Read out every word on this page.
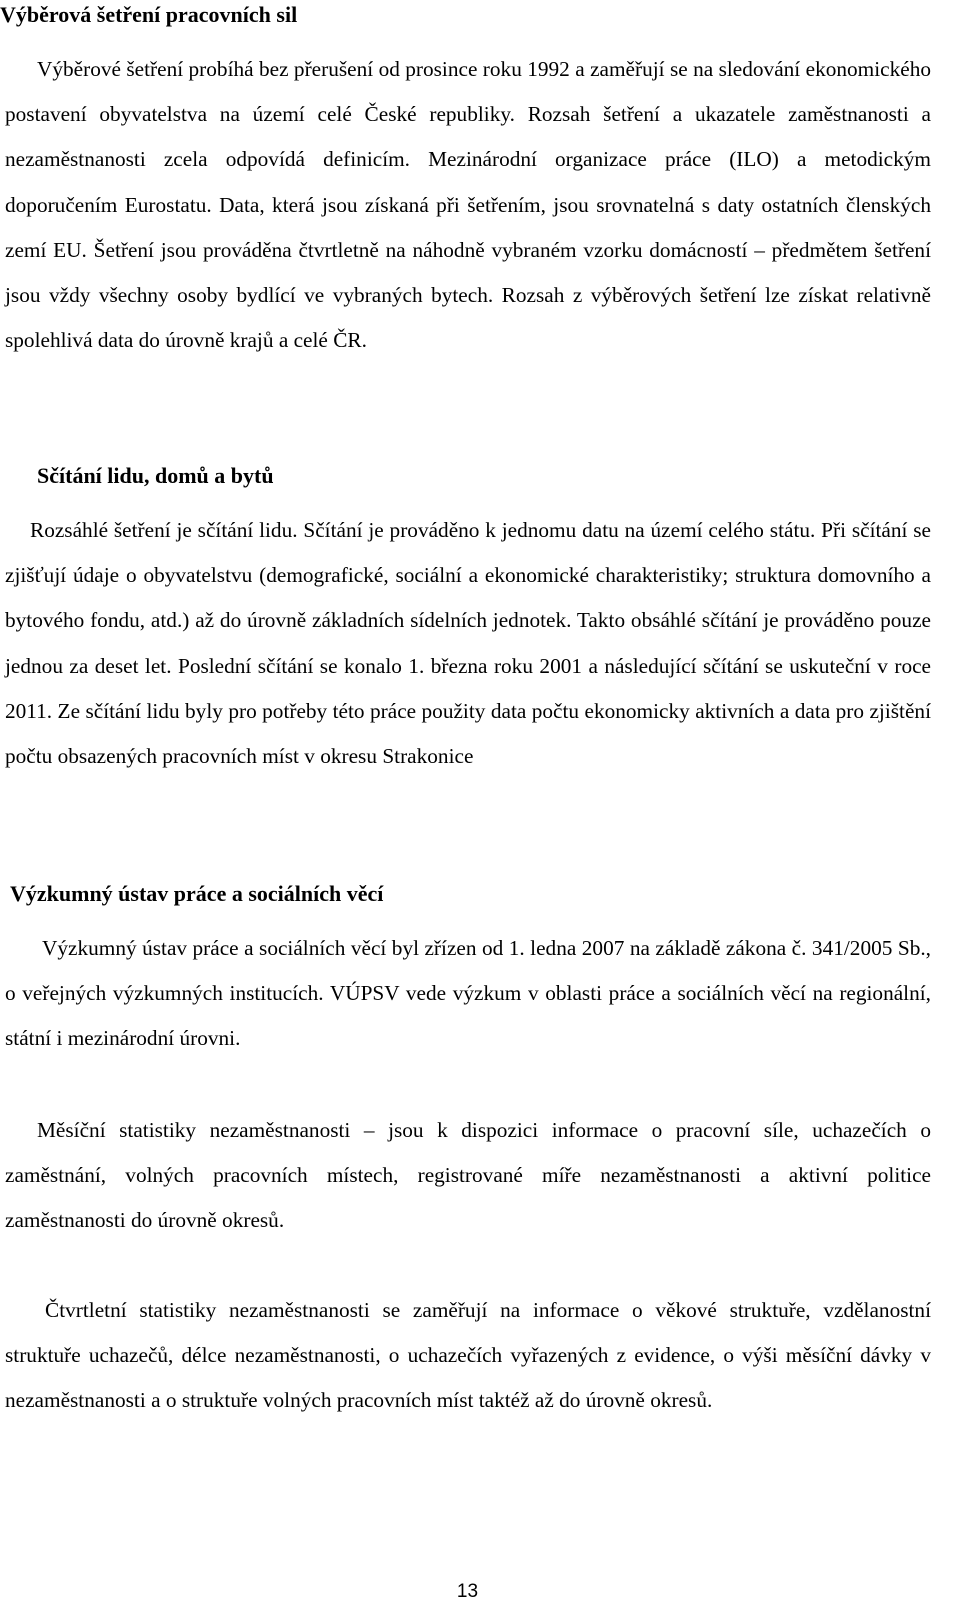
Výběrová šetření pracovních sil

Výběrové šetření probíhá bez přerušení od prosince roku 1992 a zaměřují se na sledování ekonomického postavení obyvatelstva na území celé České republiky. Rozsah šetření a ukazatele zaměstnanosti a nezaměstnanosti zcela odpovídá definicím. Mezinárodní organizace práce (ILO) a metodickým doporučením Eurostatu. Data, která jsou získaná při šetřením, jsou srovnatelná s daty ostatních členských zemí EU. Šetření jsou prováděna čtvrtletně na náhodně vybraném vzorku domácností – předmětem šetření jsou vždy všechny osoby bydlící ve vybraných bytech. Rozsah z výběrových šetření lze získat relativně spolehlivá data do úrovně krajů a celé ČR.

Sčítání lidu, domů a bytů

Rozsáhlé šetření je sčítání lidu. Sčítání je prováděno k jednomu datu na území celého státu. Při sčítání se zjišťují údaje o obyvatelstvu (demografické, sociální a ekonomické charakteristiky; struktura domovního a bytového fondu, atd.) až do úrovně základních sídelních jednotek. Takto obsáhlé sčítání je prováděno pouze jednou za deset let. Poslední sčítání se konalo 1. března roku 2001 a následující sčítání se uskuteční v roce 2011. Ze sčítání lidu byly pro potřeby této práce použity data počtu ekonomicky aktivních a data pro zjištění počtu obsazených pracovních míst v okresu Strakonice

Výzkumný ústav práce a sociálních věcí

Výzkumný ústav práce a sociálních věcí byl zřízen od 1. ledna 2007 na základě zákona č. 341/2005 Sb., o veřejných výzkumných institucích. VÚPSV vede výzkum v oblasti práce a sociálních věcí na regionální, státní i mezinárodní úrovni.

Měsíční statistiky nezaměstnanosti – jsou k dispozici informace o pracovní síle, uchazečích o zaměstnání, volných pracovních místech, registrované míře nezaměstnanosti a aktivní politice zaměstnanosti do úrovně okresů.

Čtvrtletní statistiky nezaměstnanosti se zaměřují na informace o věkové struktuře, vzdělanostní struktuře uchazečů, délce nezaměstnanosti, o uchazečích vyřazených z evidence, o výši měsíční dávky v nezaměstnanosti a o struktuře volných pracovních míst taktéž až do úrovně okresů.

13
